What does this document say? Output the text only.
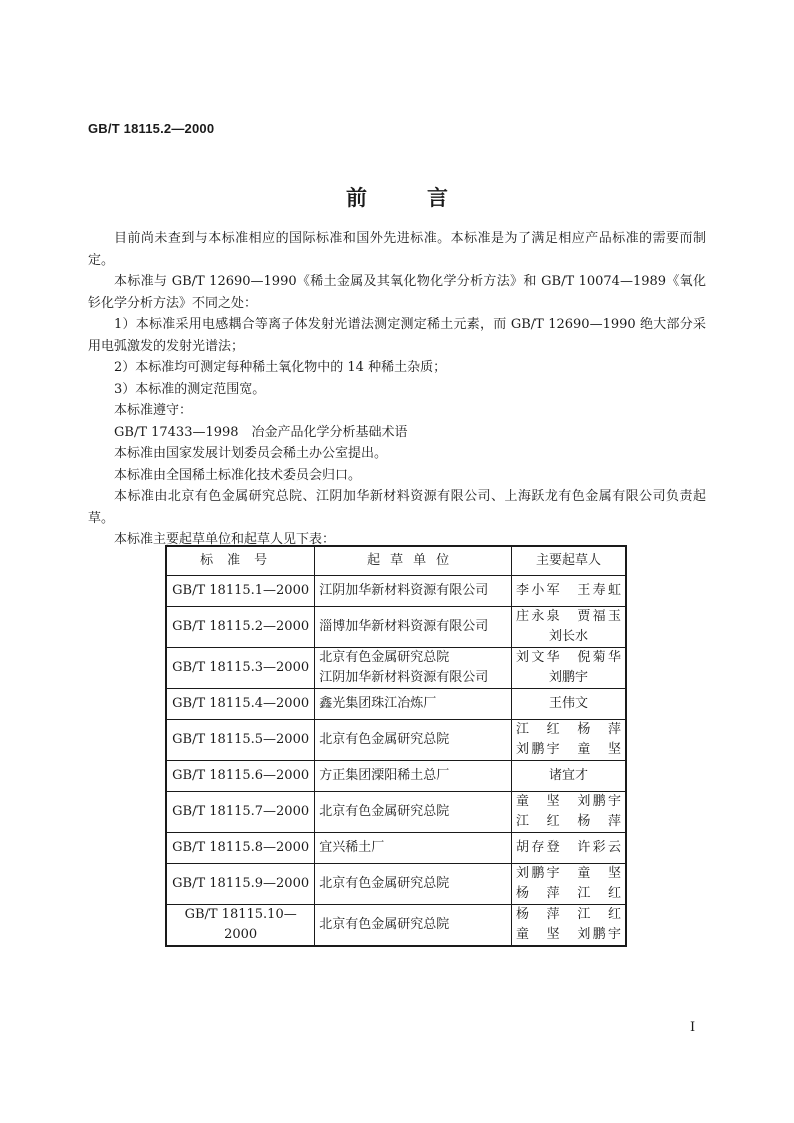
GB/T 18115.2—2000
前言

目前尚未查到与本标准相应的国际标准和国外先进标准。本标准是为了满足相应产品标准的需要而制定。

本标准与 GB/T 12690—1990《稀土金属及其氧化物化学分析方法》和 GB/T 10074—1989《氧化钐化学分析方法》不同之处：

1）本标准采用电感耦合等离子体发射光谱法测定测定稀土元素，而 GB/T 12690—1990 绝大部分采用电弧激发的发射光谱法；

2）本标准均可测定每种稀土氧化物中的 14 种稀土杂质；

3）本标准的测定范围宽。

本标准遵守：

GB/T 17433—1998　冶金产品化学分析基础术语

本标准由国家发展计划委员会稀土办公室提出。

本标准由全国稀土标准化技术委员会归口。

本标准由北京有色金属研究总院、江阴加华新材料资源有限公司、上海跃龙有色金属有限公司负责起草。

本标准主要起草单位和起草人见下表：

标准号	起草单位	主要起草人
GB/T 18115.1—2000	江阴加华新材料资源有限公司	李小军　王寿虹

GB/T 18115.2—2000	淄博加华新材料资源有限公司	庄永泉　贾福玉
刘长水

GB/T 18115.3—2000	北京有色金属研究总院
江阴加华新材料资源有限公司	刘文华　倪菊华
刘鹏宇

GB/T 18115.4—2000	鑫光集团珠江冶炼厂	王伟文

GB/T 18115.5—2000	北京有色金属研究总院	江　红　杨　萍
刘鹏宇　童　坚

GB/T 18115.6—2000	方正集团溧阳稀土总厂	诸宜才

GB/T 18115.7—2000	北京有色金属研究总院	童　坚　刘鹏宇
江　红　杨　萍

GB/T 18115.8—2000	宜兴稀土厂	胡存登　许彩云

GB/T 18115.9—2000	北京有色金属研究总院	刘鹏宇　童　坚
杨　萍　江　红

GB/T 18115.10—2000	北京有色金属研究总院	杨　萍　江　红
童　坚　刘鹏宇
I
